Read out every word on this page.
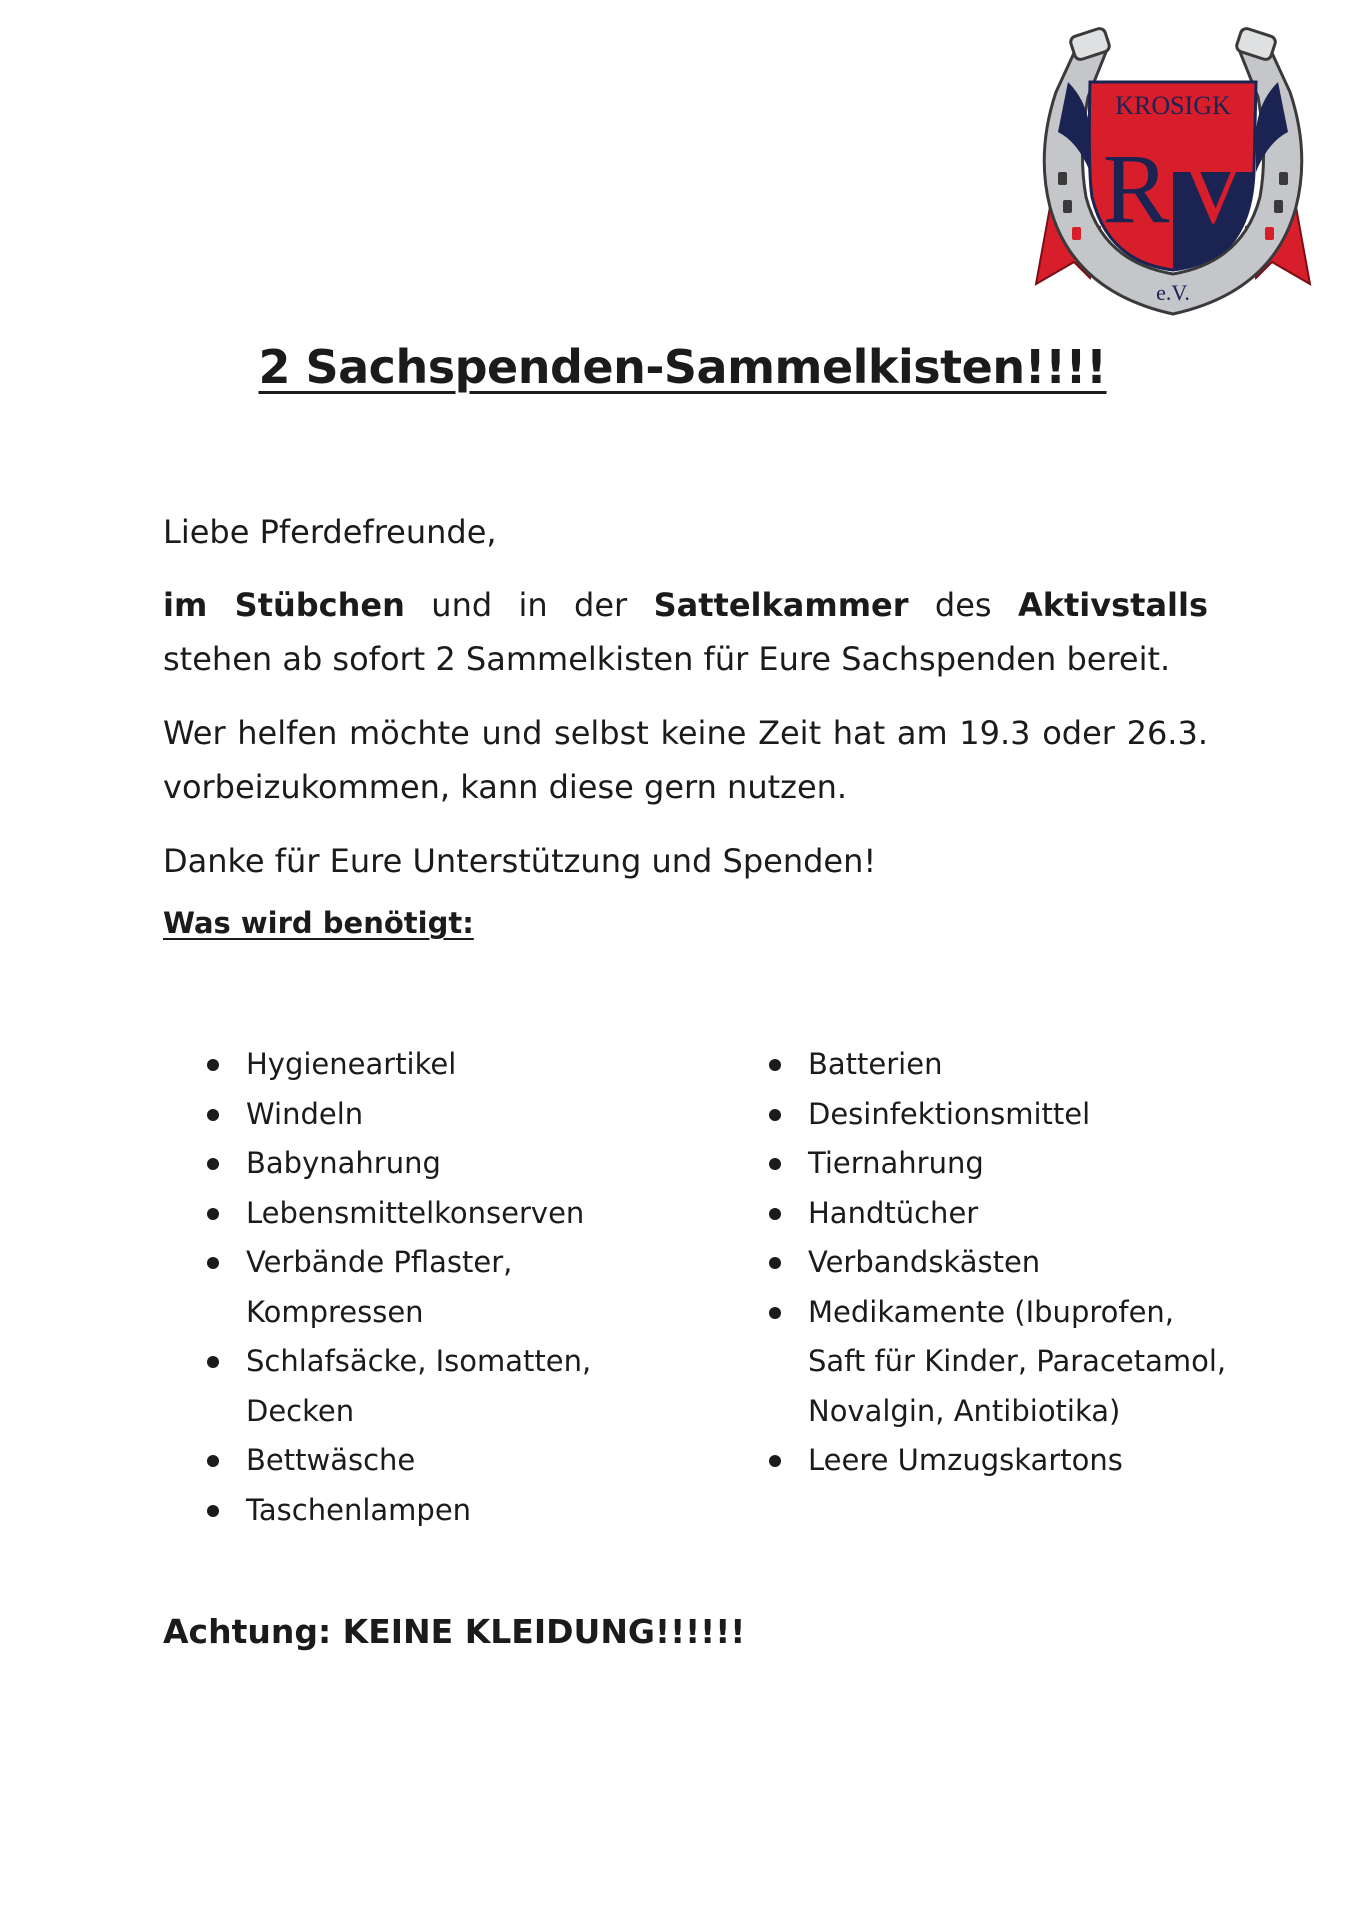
KROSIGK
R V
e.V.
2 Sachspenden-Sammelkisten!!!!

Liebe Pferdefreunde,

im Stübchen und in der Sattelkammer des Aktivstalls stehen ab sofort 2 Sammelkisten für Eure Sachspenden bereit.

Wer helfen möchte und selbst keine Zeit hat am 19.3 oder 26.3. vorbeizukommen, kann diese gern nutzen.

Danke für Eure Unterstützung und Spenden!

Was wird benötigt:
Hygieneartikel
Windeln
Babynahrung
Lebensmittelkonserven
Verbände Pflaster, Kompressen
Schlafsäcke, Isomatten, Decken
Bettwäsche
Taschenlampen
Batterien
Desinfektionsmittel
Tiernahrung
Handtücher
Verbandskästen
Medikamente (Ibuprofen, Saft für Kinder, Paracetamol, Novalgin, Antibiotika)
Leere Umzugskartons
Achtung: KEINE KLEIDUNG!!!!!!
